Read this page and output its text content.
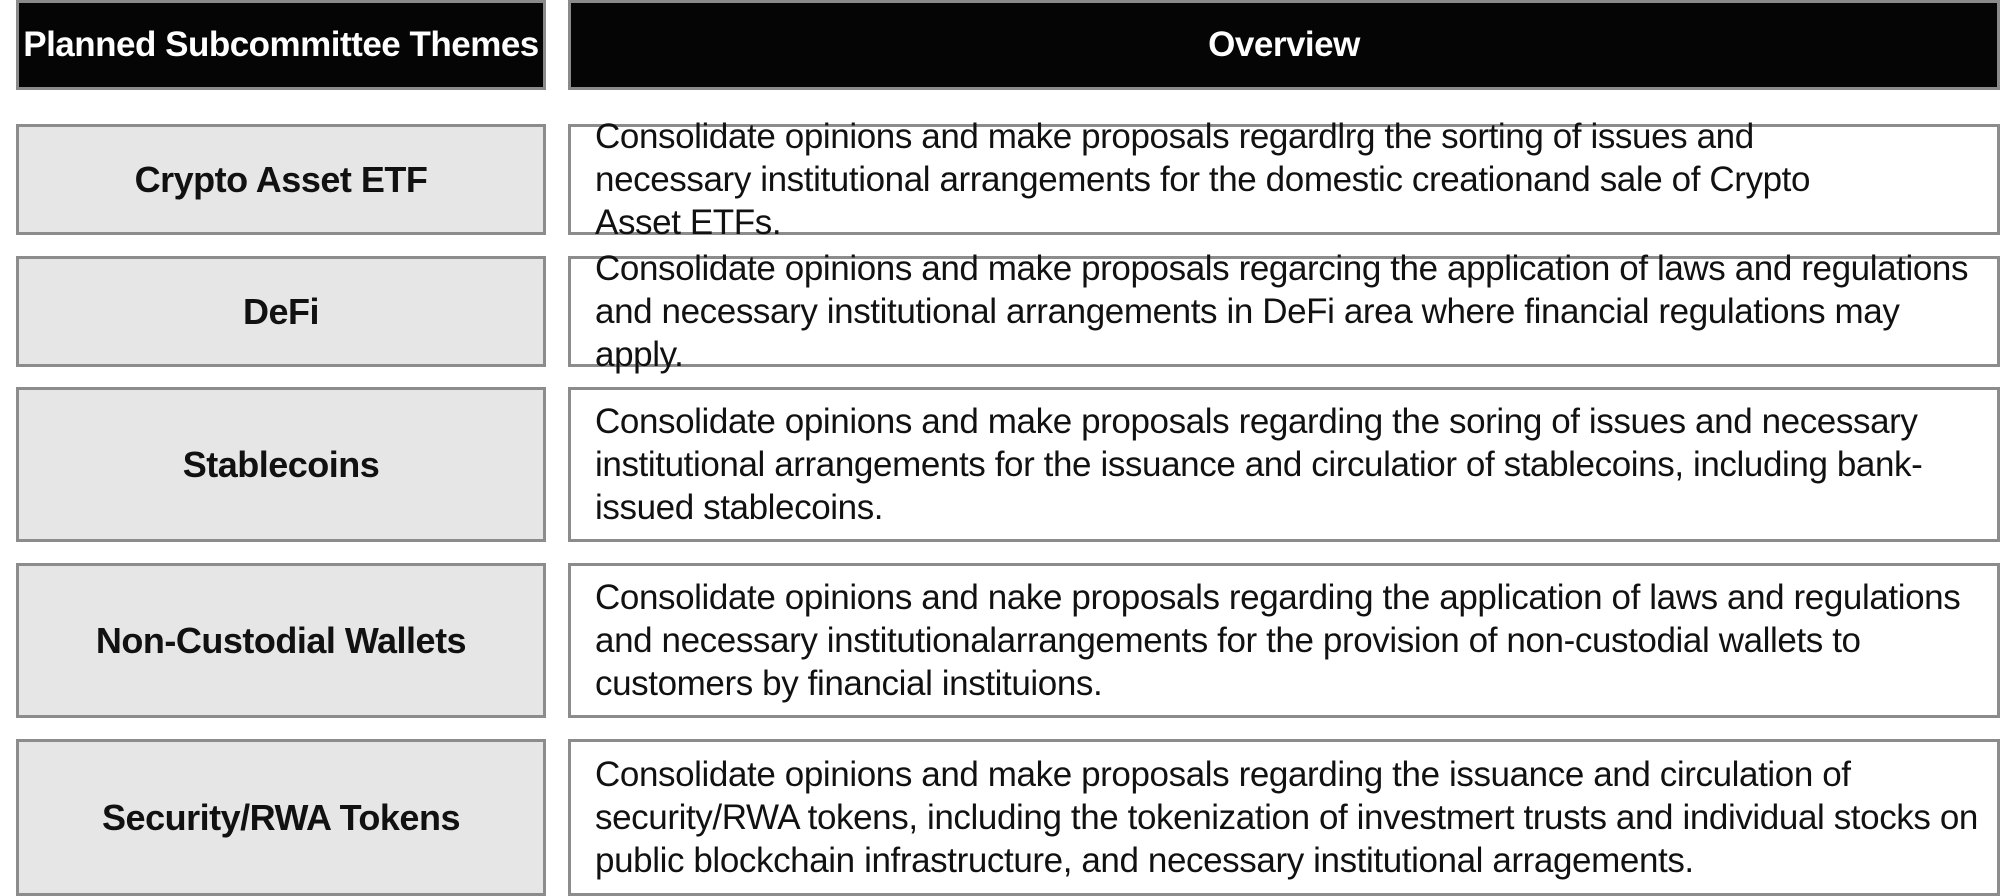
Planned Subcommittee Themes	Overview
Crypto Asset ETF
Consolidate opinions and make proposals regardlrg the sorting of issues and necessary institutional arrangements for the domestic creationand sale of Crypto Asset ETFs.
DeFi
Consolidate opinions and make proposals regarcing the application of laws and regulations and necessary institutional arrangements in DeFi area where financial regulations may apply.
Stablecoins
Consolidate opinions and make proposals regarding the soring of issues and necessary institutional arrangements for the issuance and circulatior of stablecoins, including bank-issued stablecoins.
Non-Custodial Wallets
Consolidate opinions and nake proposals regarding the application of laws and regulations and necessary institutionalarrangements for the provision of non-custodial wallets to customers by financial instituions.
Security/RWA Tokens
Consolidate opinions and make proposals regarding the issuance and circulation of security/RWA tokens, including the tokenization of investmert trusts and individual stocks on public blockchain infrastructure, and necessary institutional arragements.
